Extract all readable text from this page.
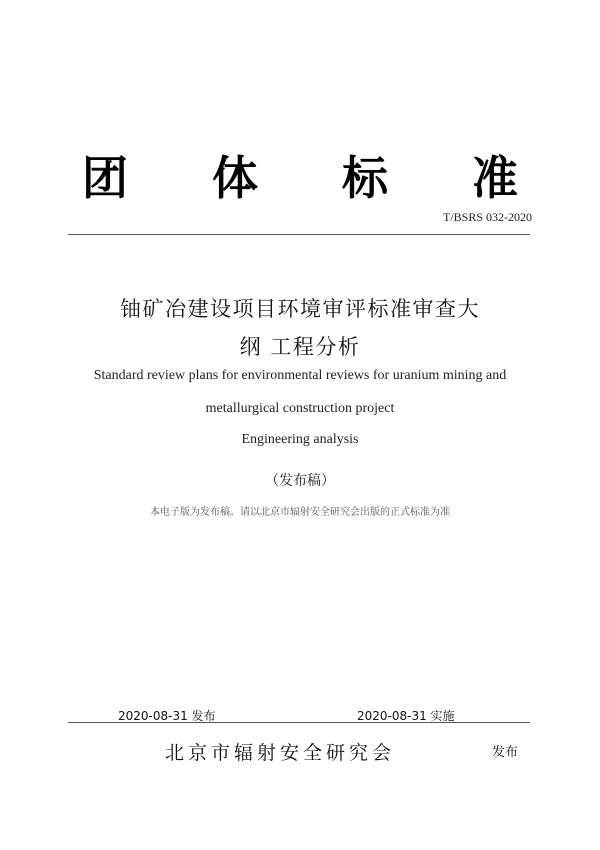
团 体 标 准
T/BSRS 032-2020
铀矿冶建设项目环境审评标准审查大
纲 工程分析
Standard review plans for environmental reviews for uranium mining and
metallurgical construction project
Engineering analysis
（发布稿）
本电子版为发布稿。请以北京市辐射安全研究会出版的正式标准为准
2020-08-31 发布	2020-08-31 实施
北京市辐射安全研究会	发布
